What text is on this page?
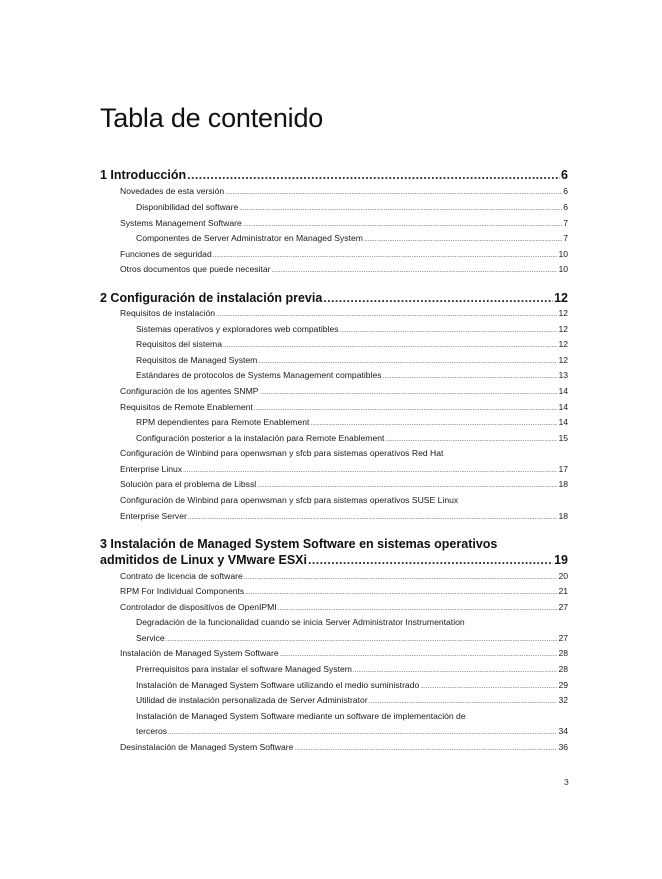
Tabla de contenido
1 Introducción .....	6
Novedades de esta versión .....	6
Disponibilidad del software .....	6
Systems Management Software .....	7
Componentes de Server Administrator en Managed System .....	7
Funciones de seguridad .....	10
Otros documentos que puede necesitar .....	10
2 Configuración de instalación previa .....	12
Requisitos de instalación .....	12
Sistemas operativos y exploradores web compatibles .....	12
Requisitos del sistema .....	12
Requisitos de Managed System .....	12
Estándares de protocolos de Systems Management compatibles .....	13
Configuración de los agentes SNMP .....	14
Requisitos de Remote Enablement .....	14
RPM dependientes para Remote Enablement .....	14
Configuración posterior a la instalación para Remote Enablement .....	15
Configuración de Winbind para openwsman y sfcb para sistemas operativos Red Hat
Enterprise Linux .....	17
Solución para el problema de Libssl .....	18
Configuración de Winbind para openwsman y sfcb para sistemas operativos SUSE Linux
Enterprise Server .....	18
3 Instalación de Managed System Software en sistemas operativos
admitidos de Linux y VMware ESXi .....	19
Contrato de licencia de software .....	20
RPM For Individual Components .....	21
Controlador de dispositivos de OpenIPMI .....	27
Degradación de la funcionalidad cuando se inicia Server Administrator Instrumentation
Service .....	27
Instalación de Managed System Software .....	28
Prerrequisitos para instalar el software Managed System .....	28
Instalación de Managed System Software utilizando el medio suministrado .....	29
Utilidad de instalación personalizada de Server Administrator .....	32
Instalación de Managed System Software mediante un software de implementación de
terceros .....	34
Desinstalación de Managed System Software .....	36
3
